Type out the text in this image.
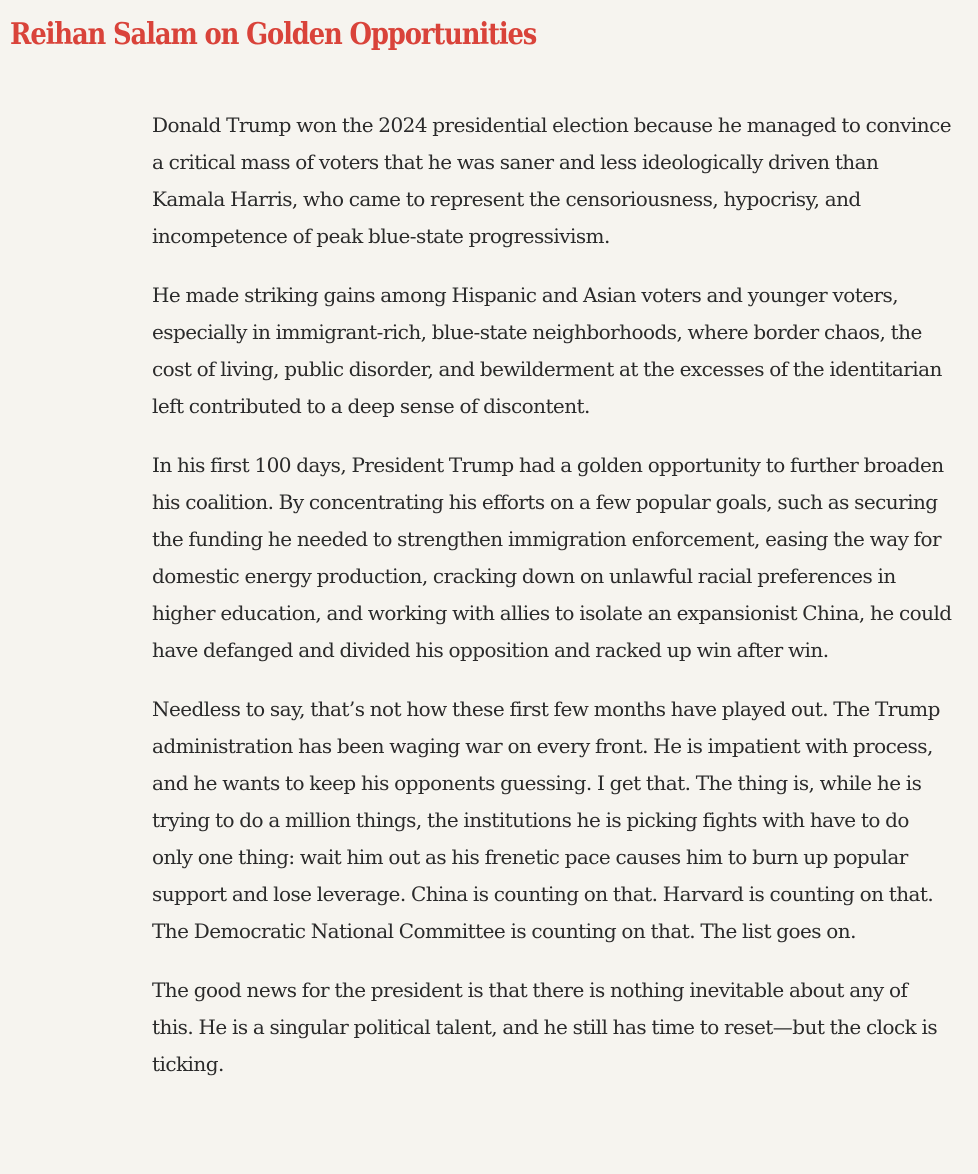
Reihan Salam on Golden Opportunities

Donald Trump won the 2024 presidential election because he managed to convince a critical mass of voters that he was saner and less ideologically driven than Kamala Harris, who came to represent the censoriousness, hypocrisy, and incompetence of peak blue-state progressivism.

He made striking gains among Hispanic and Asian voters and younger voters, especially in immigrant-rich, blue-state neighborhoods, where border chaos, the cost of living, public disorder, and bewilderment at the excesses of the identitarian left contributed to a deep sense of discontent.

In his first 100 days, President Trump had a golden opportunity to further broaden his coalition. By concentrating his efforts on a few popular goals, such as securing the funding he needed to strengthen immigration enforcement, easing the way for domestic energy production, cracking down on unlawful racial preferences in higher education, and working with allies to isolate an expansionist China, he could have defanged and divided his opposition and racked up win after win.

Needless to say, that’s not how these first few months have played out. The Trump administration has been waging war on every front. He is impatient with process, and he wants to keep his opponents guessing. I get that. The thing is, while he is trying to do a million things, the institutions he is picking fights with have to do only one thing: wait him out as his frenetic pace causes him to burn up popular support and lose leverage. China is counting on that. Harvard is counting on that. The Democratic National Committee is counting on that. The list goes on.

The good news for the president is that there is nothing inevitable about any of this. He is a singular political talent, and he still has time to reset—but the clock is ticking.
